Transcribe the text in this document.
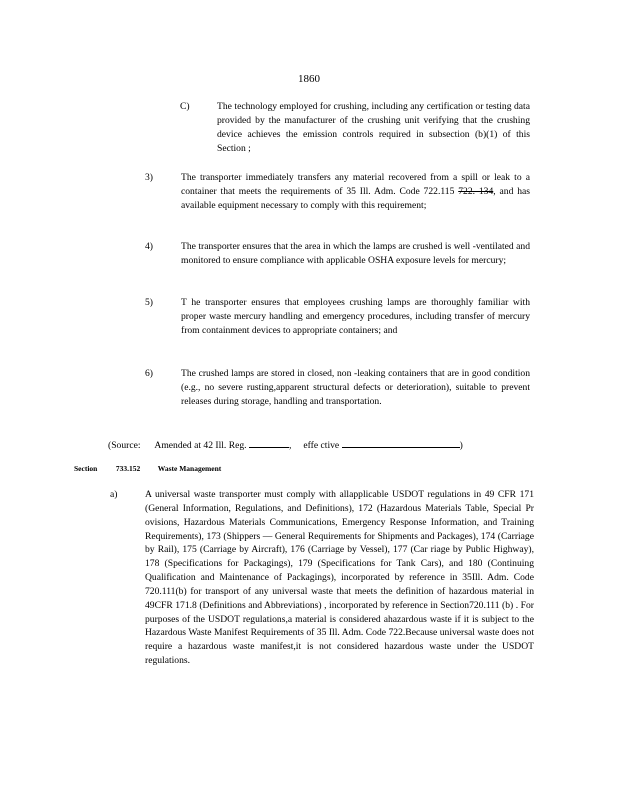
1860
C)	The technology employed for crushing, including any certification or testing data provided by the manufacturer of the crushing unit verifying that the crushing device achieves the emission controls required in subsection (b)(1) of this Section ;
3)	The transporter immediately transfers any material recovered from a spill or leak to a container that meets the requirements of 35 Ill. Adm. Code 722.115 722. 134, and has available equipment necessary to comply with this requirement;
4)	The transporter ensures that the area in which the lamps are crushed is well -ventilated and monitored to ensure compliance with applicable OSHA exposure levels for mercury;
5)	T he transporter ensures that employees crushing lamps are thoroughly familiar with proper waste mercury handling and emergency procedures, including transfer of mercury from containment devices to appropriate containers; and
6)	The crushed lamps are stored in closed, non -leaking containers that are in good condition (e.g., no severe rusting,apparent structural defects or deterioration), suitable to prevent releases during storage, handling and transportation.
(Source: Amended at 42 Ill. Reg.	, effe ctive	)
Section 733.152 Waste Management
a)	A universal waste transporter must comply with allapplicable USDOT regulations in 49 CFR 171 (General Information, Regulations, and Definitions), 172 (Hazardous Materials Table, Special Pr ovisions, Hazardous Materials Communications, Emergency Response Information, and Training Requirements), 173 (Shippers — General Requirements for Shipments and Packages), 174 (Carriage by Rail), 175 (Carriage by Aircraft), 176 (Carriage by Vessel), 177 (Car riage by Public Highway), 178 (Specifications for Packagings), 179 (Specifications for Tank Cars), and 180 (Continuing Qualification and Maintenance of Packagings), incorporated by reference in 35Ill. Adm. Code 720.111(b) for transport of any universal waste that meets the definition of hazardous material in 49CFR 171.8 (Definitions and Abbreviations) , incorporated by reference in Section720.111 (b) . For purposes of the USDOT regulations,a material is considered ahazardous waste if it is subject to the Hazardous Waste Manifest Requirements of 35 Ill. Adm. Code 722.Because universal waste does not require a hazardous waste manifest,it is not considered hazardous waste under the USDOT regulations.
